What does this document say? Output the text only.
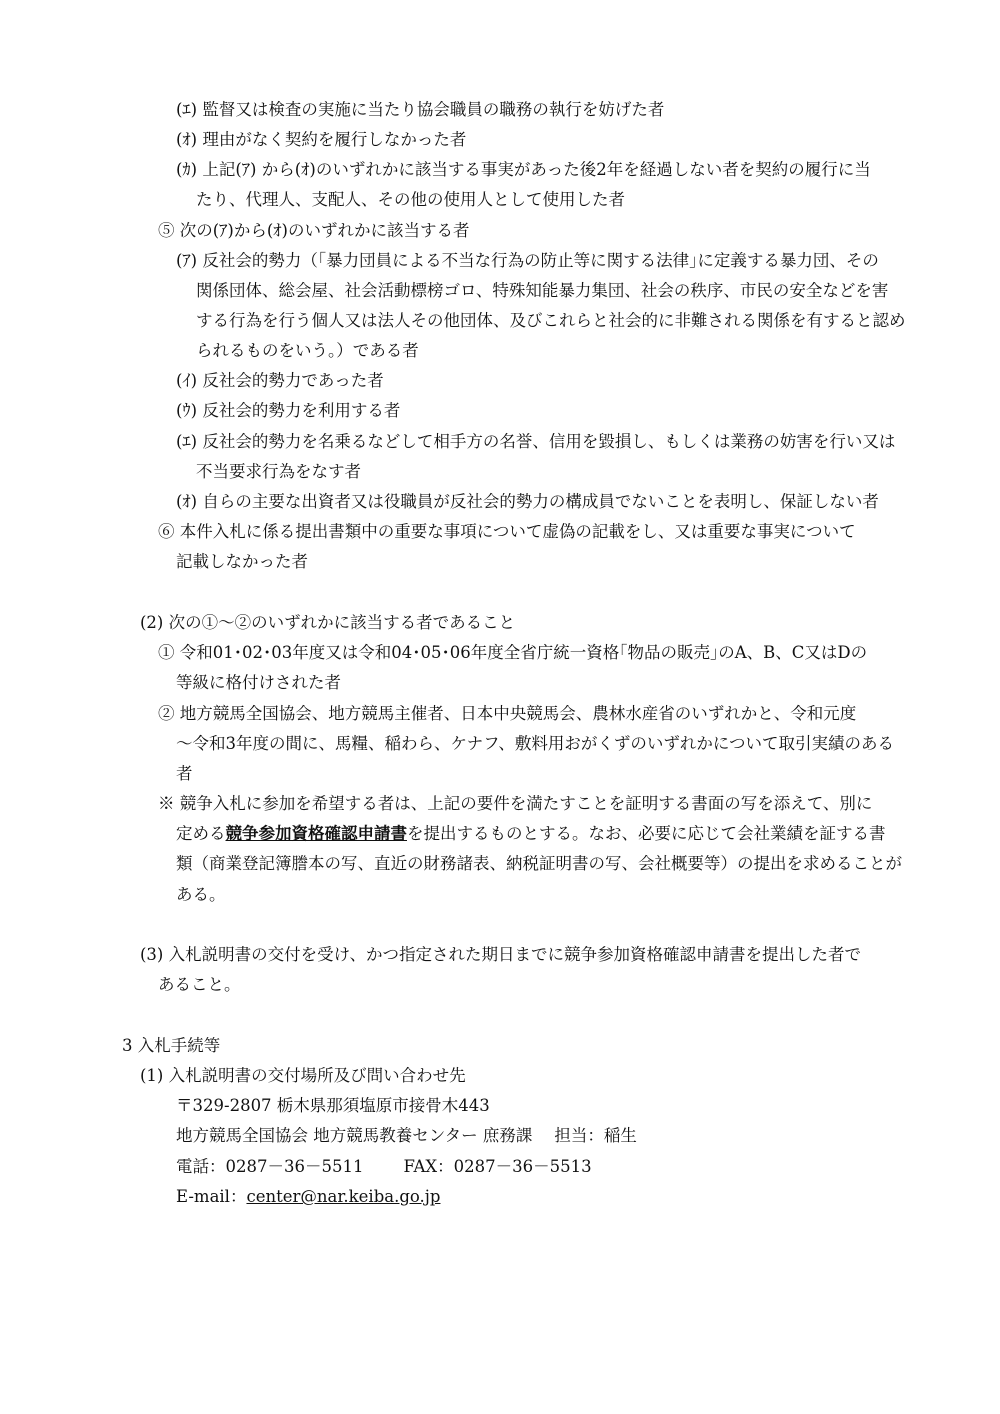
(ｴ) 監督又は検査の実施に当たり協会職員の職務の執行を妨げた者
(ｵ) 理由がなく契約を履行しなかった者
(ｶ) 上記(ｱ) から(ｵ)のいずれかに該当する事実があった後2年を経過しない者を契約の履行に当
たり、代理人、支配人、その他の使用人として使用した者
⑤ 次の(ｱ)から(ｵ)のいずれかに該当する者
(ｱ) 反社会的勢力（｢暴力団員による不当な行為の防止等に関する法律｣に定義する暴力団、その
関係団体、総会屋、社会活動標榜ゴロ、特殊知能暴力集団、社会の秩序、市民の安全などを害
する行為を行う個人又は法人その他団体、及びこれらと社会的に非難される関係を有すると認め
られるものをいう。）である者
(ｲ) 反社会的勢力であった者
(ｳ) 反社会的勢力を利用する者
(ｴ) 反社会的勢力を名乗るなどして相手方の名誉、信用を毀損し、もしくは業務の妨害を行い又は
不当要求行為をなす者
(ｵ) 自らの主要な出資者又は役職員が反社会的勢力の構成員でないことを表明し、保証しない者
⑥ 本件入札に係る提出書類中の重要な事項について虚偽の記載をし、又は重要な事実について
記載しなかった者
(2) 次の①～②のいずれかに該当する者であること
① 令和01･02･03年度又は令和04･05･06年度全省庁統一資格｢物品の販売｣のA、B、C又はDの
等級に格付けされた者
② 地方競馬全国協会、地方競馬主催者、日本中央競馬会、農林水産省のいずれかと、令和元度
～令和3年度の間に、馬糧、稲わら、ケナフ、敷料用おがくずのいずれかについて取引実績のある
者
※ 競争入札に参加を希望する者は、上記の要件を満たすことを証明する書面の写を添えて、別に
定める競争参加資格確認申請書を提出するものとする。なお、必要に応じて会社業績を証する書
類（商業登記簿謄本の写、直近の財務諸表、納税証明書の写、会社概要等）の提出を求めることが
ある。
(3) 入札説明書の交付を受け、かつ指定された期日までに競争参加資格確認申請書を提出した者で
あること。
3 入札手続等
(1) 入札説明書の交付場所及び問い合わせ先
〒329-2807 栃木県那須塩原市接骨木443
地方競馬全国協会 地方競馬教養センター 庶務課 担当：稲生
電話：0287－36－5511 FAX：0287－36－5513
E-mail：center@nar.keiba.go.jp
